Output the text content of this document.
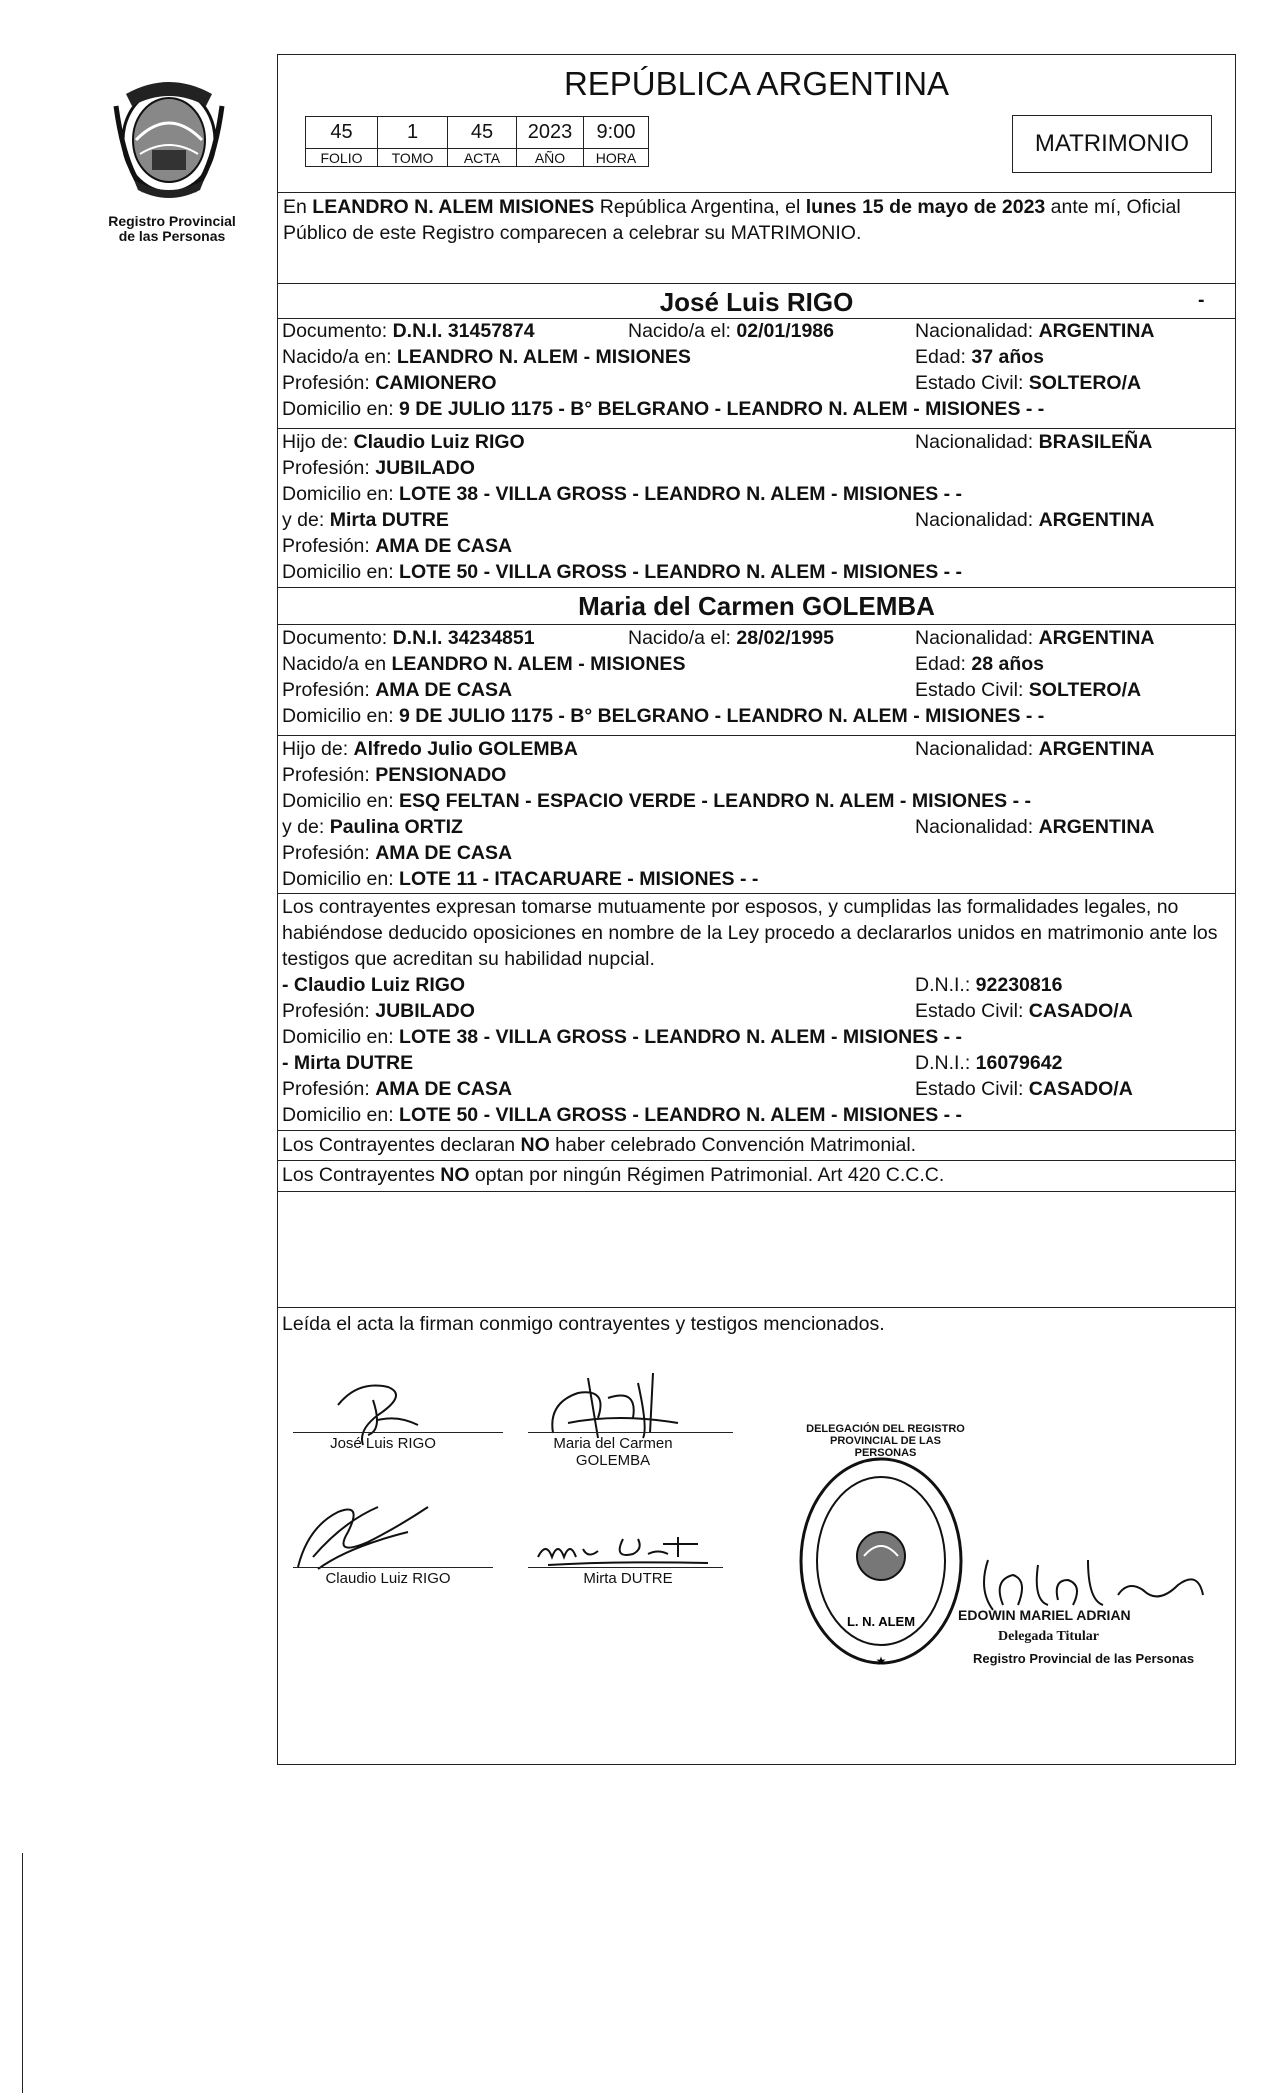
Registro Provincial
de las Personas
REPÚBLICA ARGENTINA
45	1	45	2023	9:00
FOLIO	TOMO	ACTA	AÑO	HORA
MATRIMONIO
En LEANDRO N. ALEM MISIONES República Argentina, el lunes 15 de mayo de 2023 ante mí, Oficial Público de este Registro comparecen a celebrar su MATRIMONIO.
José Luis RIGO	-
Documento: D.N.I. 31457874	Nacido/a el: 02/01/1986	Nacionalidad: ARGENTINA
Nacido/a en: LEANDRO N. ALEM - MISIONES	Edad: 37 años
Profesión: CAMIONERO	Estado Civil: SOLTERO/A
Domicilio en: 9 DE JULIO 1175 - B° BELGRANO - LEANDRO N. ALEM - MISIONES - -
Hijo de: Claudio Luiz RIGO	Nacionalidad: BRASILEÑA
Profesión: JUBILADO
Domicilio en: LOTE 38 - VILLA GROSS - LEANDRO N. ALEM - MISIONES - -
y de: Mirta DUTRE	Nacionalidad: ARGENTINA
Profesión: AMA DE CASA
Domicilio en: LOTE 50 - VILLA GROSS - LEANDRO N. ALEM - MISIONES - -
Maria del Carmen GOLEMBA
Documento: D.N.I. 34234851	Nacido/a el: 28/02/1995	Nacionalidad: ARGENTINA
Nacido/a en LEANDRO N. ALEM - MISIONES	Edad: 28 años
Profesión: AMA DE CASA	Estado Civil: SOLTERO/A
Domicilio en: 9 DE JULIO 1175 - B° BELGRANO - LEANDRO N. ALEM - MISIONES - -
Hijo de: Alfredo Julio GOLEMBA	Nacionalidad: ARGENTINA
Profesión: PENSIONADO
Domicilio en: ESQ FELTAN - ESPACIO VERDE - LEANDRO N. ALEM - MISIONES - -
y de: Paulina ORTIZ	Nacionalidad: ARGENTINA
Profesión: AMA DE CASA
Domicilio en: LOTE 11 - ITACARUARE - MISIONES - -
Los contrayentes expresan tomarse mutuamente por esposos, y cumplidas las formalidades legales, no habiéndose deducido oposiciones en nombre de la Ley procedo a declararlos unidos en matrimonio ante los testigos que acreditan su habilidad nupcial.
- Claudio Luiz RIGO	D.N.I.: 92230816
Profesión: JUBILADO	Estado Civil: CASADO/A
Domicilio en: LOTE 38 - VILLA GROSS - LEANDRO N. ALEM - MISIONES - -
- Mirta DUTRE	D.N.I.: 16079642
Profesión: AMA DE CASA	Estado Civil: CASADO/A
Domicilio en: LOTE 50 - VILLA GROSS - LEANDRO N. ALEM - MISIONES - -
Los Contrayentes declaran NO haber celebrado Convención Matrimonial.
Los Contrayentes NO optan por ningún Régimen Patrimonial. Art 420 C.C.C.
Leída el acta la firman conmigo contrayentes y testigos mencionados.
José Luis RIGO	Maria del Carmen
GOLEMBA
Claudio Luiz RIGO	Mirta DUTRE
L. N. ALEM
★
DELEGACIÓN DEL REGISTRO PROVINCIAL DE LAS PERSONAS
EDOWIN MARIEL ADRIAN
Delegada Titular
Registro Provincial de las Personas
